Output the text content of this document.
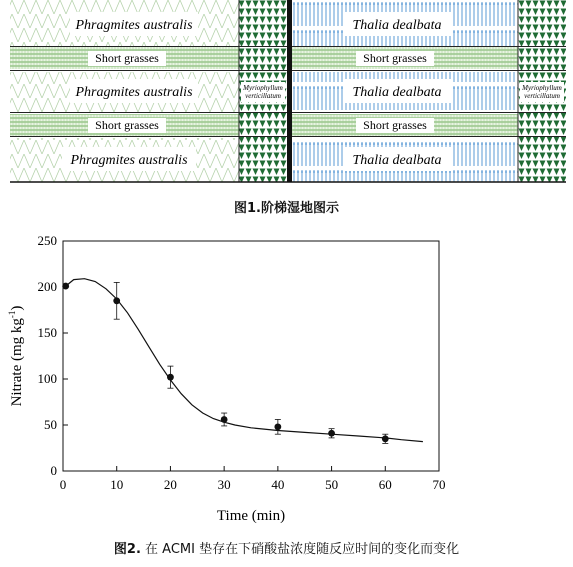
Phragmites australis
Short grasses
Phragmites australis
Short grasses
Phragmites australis
Thalia dealbata
Short grasses
Thalia dealbata
Short grasses
Thalia dealbata
Myriophyllum
verticillatum
Myriophyllum
verticillatum
图1.阶梯湿地图示
0
50
100
150
200
250
0	10	20	30	40	50	60	70
Time (min)
Nitrate (mg $kg^{-1}$)
图2. 在 ACMI 垫存在下硝酸盐浓度随反应时间的变化而变化
